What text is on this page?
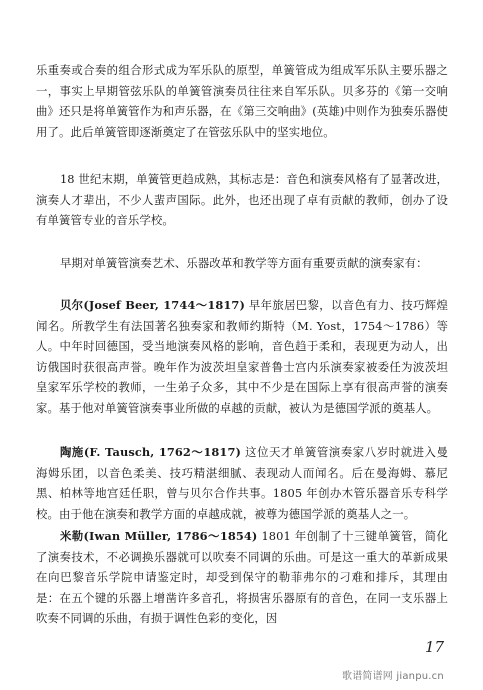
乐重奏或合奏的组合形式成为军乐队的原型，单簧管成为组成军乐队主要乐器之一，事实上早期管弦乐队的单簧管演奏员往往来自军乐队。贝多芬的《第一交响曲》还只是将单簧管作为和声乐器，在《第三交响曲》(英雄)中则作为独奏乐器使用了。此后单簧管即逐渐奠定了在管弦乐队中的坚实地位。

18 世纪末期，单簧管更趋成熟，其标志是：音色和演奏风格有了显著改进，演奏人才辈出，不少人蜚声国际。此外，也还出现了卓有贡献的教师，创办了设有单簧管专业的音乐学校。

早期对单簧管演奏艺术、乐器改革和教学等方面有重要贡献的演奏家有：

贝尔(Josef Beer, 1744～1817) 早年旅居巴黎，以音色有力、技巧辉煌闻名。所教学生有法国著名独奏家和教师约斯特（M. Yost，1754～1786）等人。中年时回德国，受当地演奏风格的影响，音色趋于柔和，表现更为动人，出访俄国时获很高声誉。晚年作为波茨坦皇家普鲁士宫内乐演奏家被委任为波茨坦皇家军乐学校的教师，一生弟子众多，其中不少是在国际上享有很高声誉的演奏家。基于他对单簧管演奏事业所做的卓越的贡献，被认为是德国学派的奠基人。

陶施(F. Tausch, 1762～1817) 这位天才单簧管演奏家八岁时就进入曼海姆乐团，以音色柔美、技巧精湛细腻、表现动人而闻名。后在曼海姆、慕尼黑、柏林等地宫廷任职，曾与贝尔合作共事。1805 年创办木管乐器音乐专科学校。由于他在演奏和教学方面的卓越成就，被尊为德国学派的奠基人之一。

米勒(Iwan Müller, 1786～1854) 1801 年创制了十三键单簧管，简化了演奏技术，不必调换乐器就可以吹奏不同调的乐曲。可是这一重大的革新成果在向巴黎音乐学院申请鉴定时，却受到保守的勒菲弗尔的刁难和排斥，其理由是：在五个键的乐器上增凿许多音孔，将损害乐器原有的音色，在同一支乐器上吹奏不同调的乐曲，有损于调性色彩的变化，因

17
歌谱简谱网 jianpu.cn
